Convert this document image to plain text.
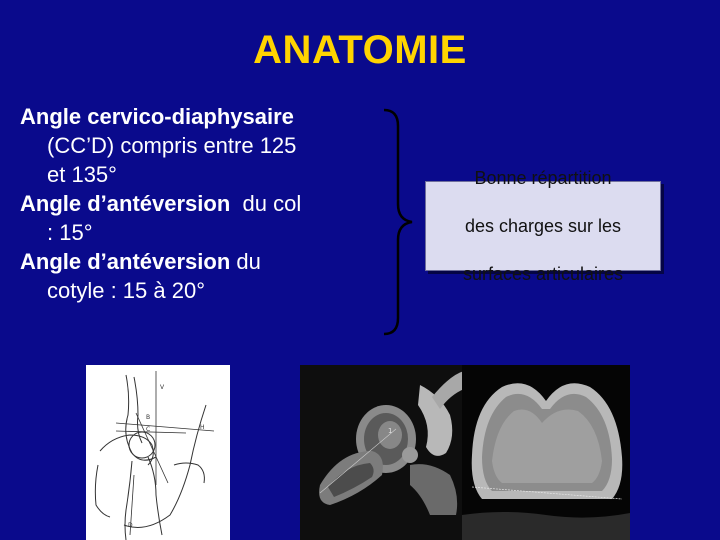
ANATOMIE

Angle cervico-diaphysaire
(CC’D) compris entre 125
et 135°

Angle d’antéversion du col
: 15°

Angle d’antéversion du
cotyle : 15 à 20°

Bonne répartition

des charges sur les

surfaces articulaires
V
B
C	H
D
1
